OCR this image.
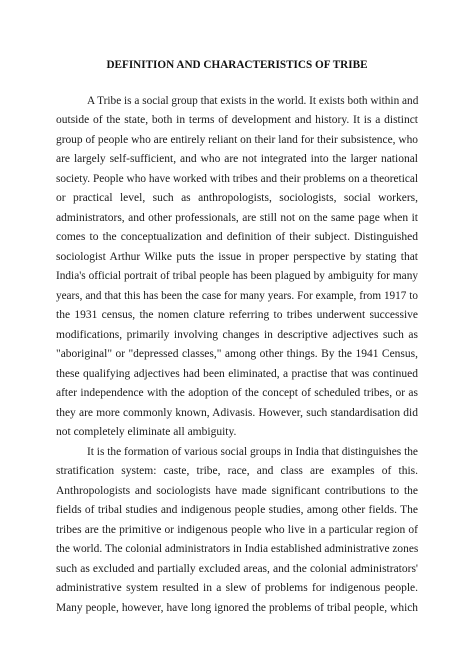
DEFINITION AND CHARACTERISTICS OF TRIBE
A Tribe is a social group that exists in the world. It exists both within and
outside of the state, both in terms of development and history. It is a distinct
group of people who are entirely reliant on their land for their subsistence, who
are largely self-sufficient, and who are not integrated into the larger national
society. People who have worked with tribes and their problems on a theoretical
or practical level, such as anthropologists, sociologists, social workers,
administrators, and other professionals, are still not on the same page when it
comes to the conceptualization and definition of their subject. Distinguished
sociologist Arthur Wilke puts the issue in proper perspective by stating that
India's official portrait of tribal people has been plagued by ambiguity for many
years, and that this has been the case for many years. For example, from 1917 to
the 1931 census, the nomen clature referring to tribes underwent successive
modifications, primarily involving changes in descriptive adjectives such as
"aboriginal" or "depressed classes," among other things. By the 1941 Census,
these qualifying adjectives had been eliminated, a practise that was continued
after independence with the adoption of the concept of scheduled tribes, or as
they are more commonly known, Adivasis. However, such standardisation did
not completely eliminate all ambiguity.
It is the formation of various social groups in India that distinguishes the
stratification system: caste, tribe, race, and class are examples of this.
Anthropologists and sociologists have made significant contributions to the
fields of tribal studies and indigenous people studies, among other fields. The
tribes are the primitive or indigenous people who live in a particular region of
the world. The colonial administrators in India established administrative zones
such as excluded and partially excluded areas, and the colonial administrators'
administrative system resulted in a slew of problems for indigenous people.
Many people, however, have long ignored the problems of tribal people, which
